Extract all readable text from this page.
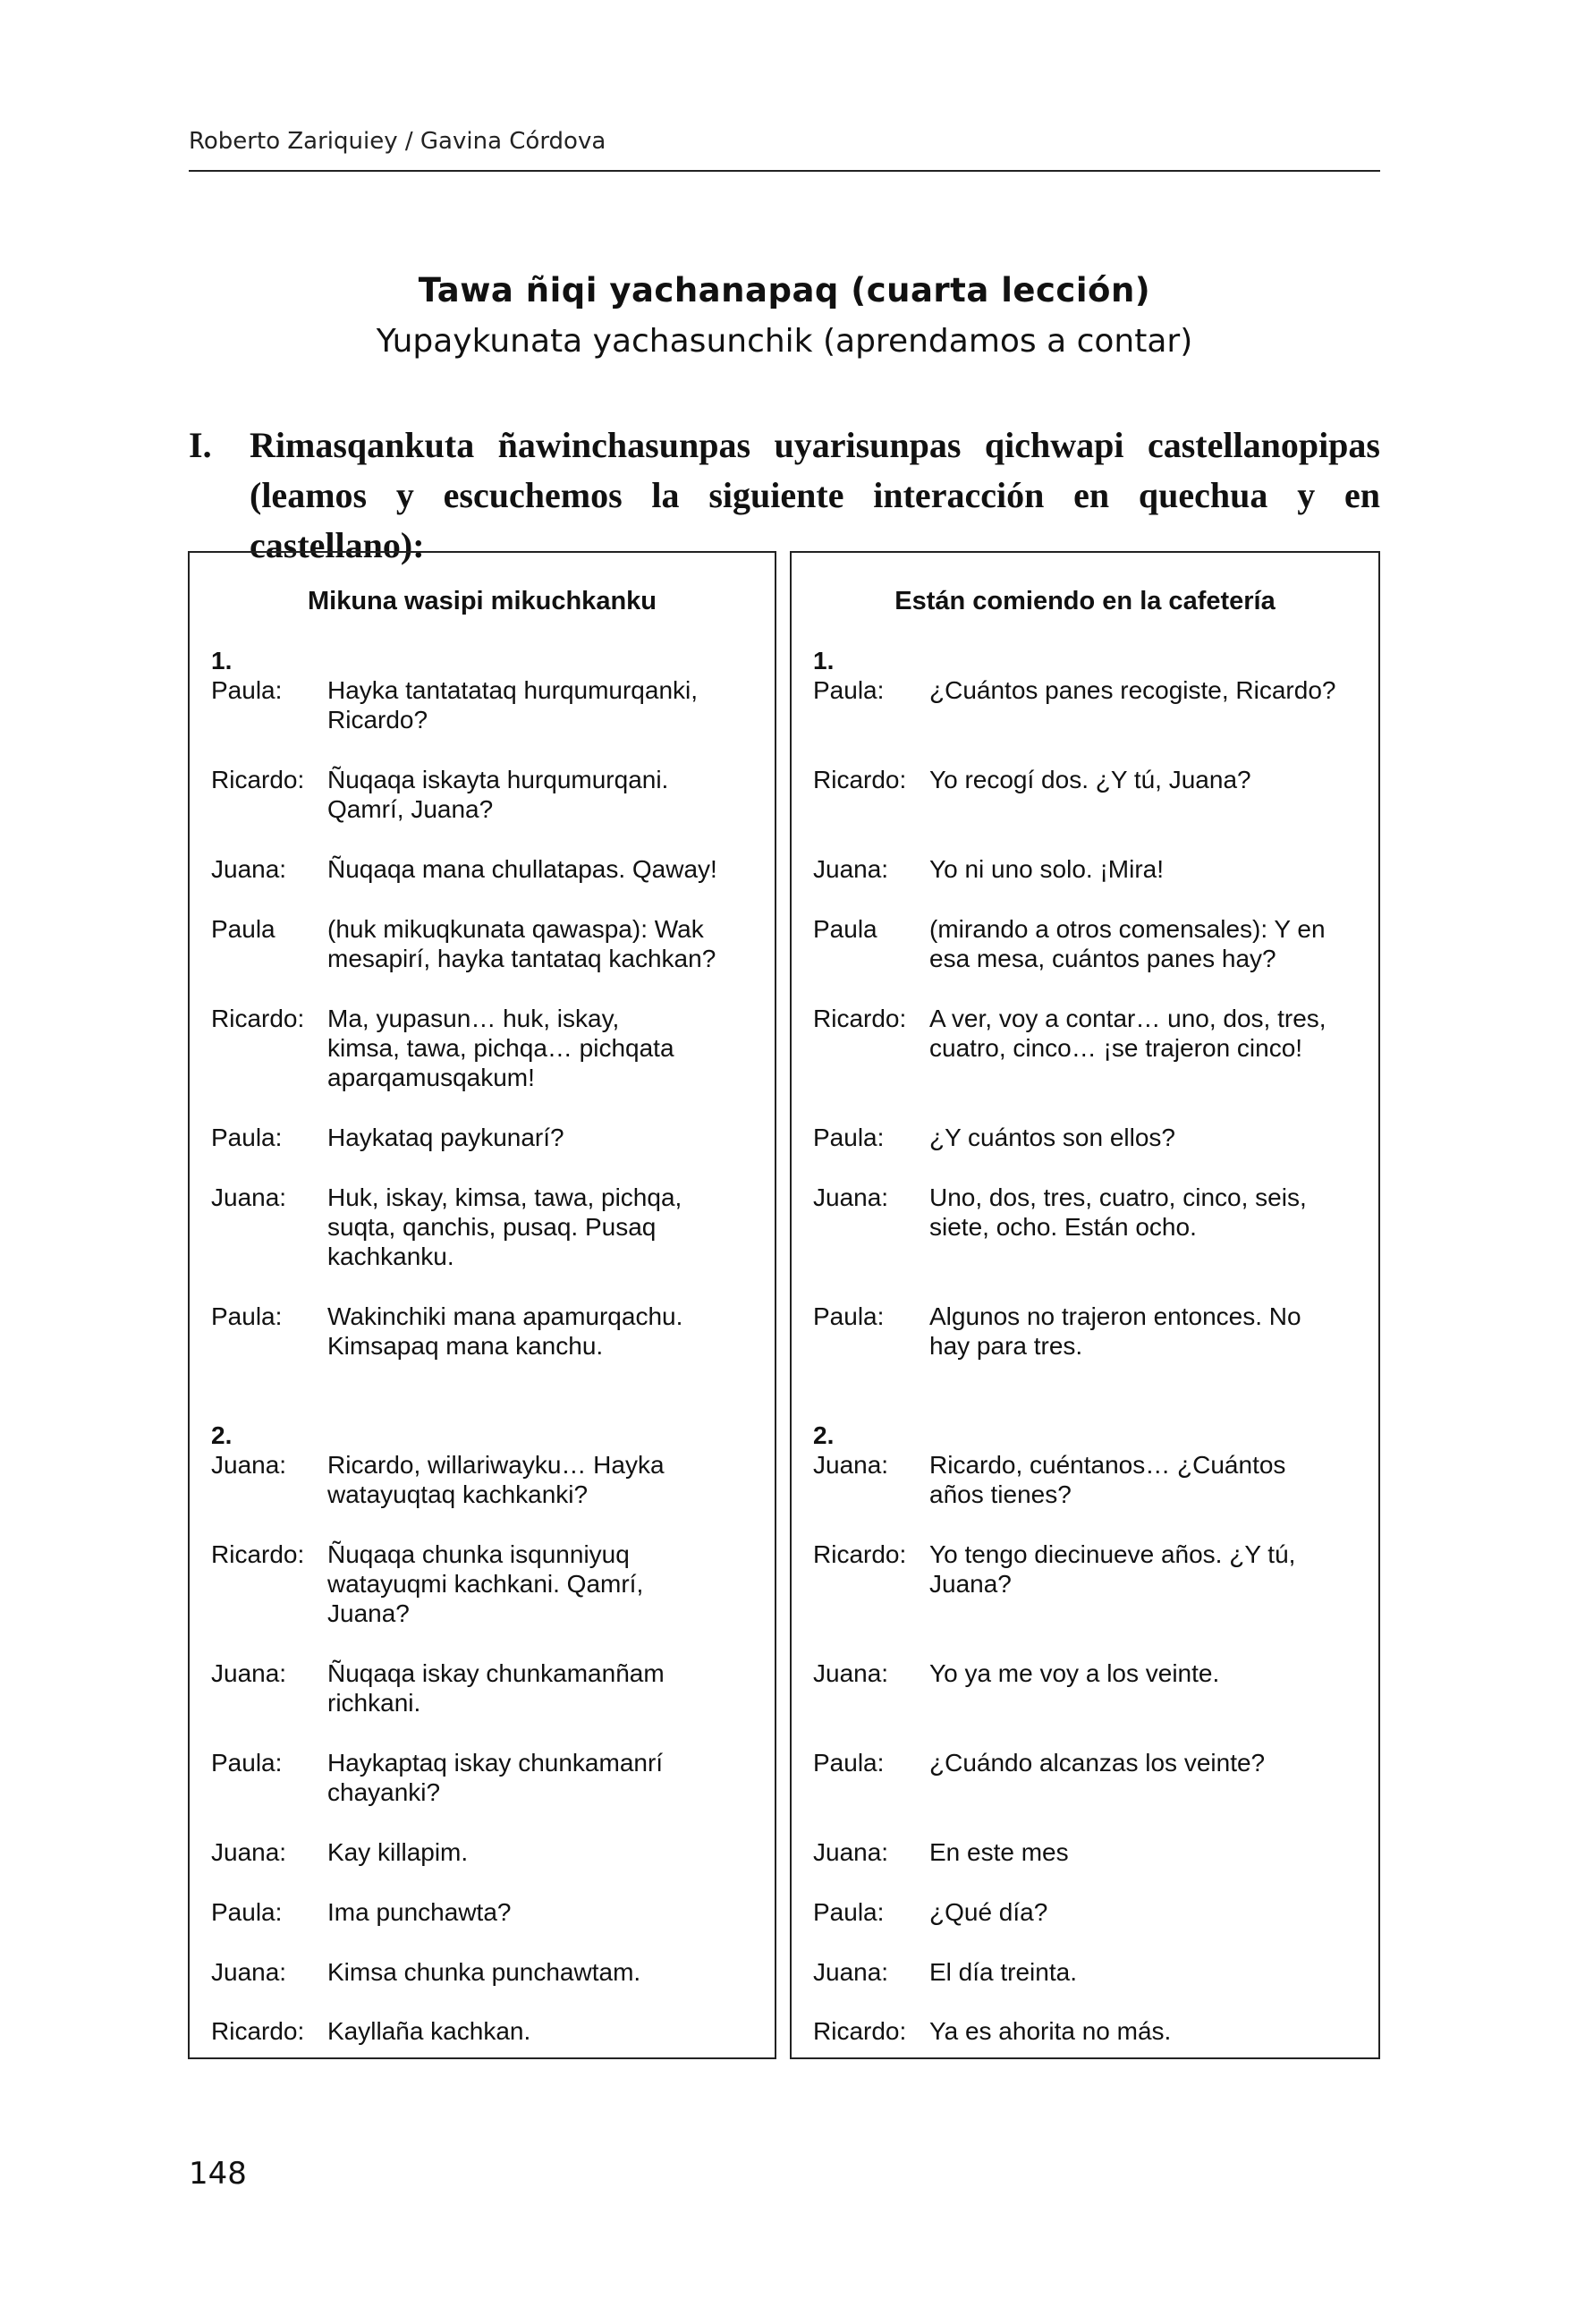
Roberto Zariquiey / Gavina Córdova
Tawa ñiqi yachanapaq (cuarta lección)
Yupaykunata yachasunchik (aprendamos a contar)
I. Rimasqankuta ñawinchasunpas uyarisunpas qichwapi castellanopipas (leamos y escuchemos la siguiente interacción en quechua y en castellano):
Mikuna wasipi mikuchkanku
1.
Paula: Hayka tantatataq hurqumurqanki,
Ricardo?
Ricardo: Ñuqaqa iskayta hurqumurqani.
Qamrí, Juana?
Juana: Ñuqaqa mana chullatapas. Qaway!
Paula (huk mikuqkunata qawaspa): Wak
mesapirí, hayka tantataq kachkan?
Ricardo: Ma, yupasun… huk, iskay,
kimsa, tawa, pichqa… pichqata
aparqamusqakum!
Paula: Haykataq paykunarí?
Juana: Huk, iskay, kimsa, tawa, pichqa,
suqta, qanchis, pusaq. Pusaq
kachkanku.
Paula: Wakinchiki mana apamurqachu.
Kimsapaq mana kanchu.
2.
Juana: Ricardo, willariwayku… Hayka
watayuqtaq kachkanki?
Ricardo: Ñuqaqa chunka isqunniyuq
watayuqmi kachkani. Qamrí,
Juana?
Juana: Ñuqaqa iskay chunkamanñam
richkani.
Paula: Haykaptaq iskay chunkamanrí
chayanki?
Juana: Kay killapim.
Paula: Ima punchawta?
Juana: Kimsa chunka punchawtam.
Ricardo: Kayllaña kachkan.
Están comiendo en la cafetería
1.
Paula: ¿Cuántos panes recogiste, Ricardo?
Ricardo: Yo recogí dos. ¿Y tú, Juana?
Juana: Yo ni uno solo. ¡Mira!
Paula (mirando a otros comensales): Y en
esa mesa, cuántos panes hay?
Ricardo: A ver, voy a contar… uno, dos, tres,
cuatro, cinco… ¡se trajeron cinco!
Paula: ¿Y cuántos son ellos?
Juana: Uno, dos, tres, cuatro, cinco, seis,
siete, ocho. Están ocho.
Paula: Algunos no trajeron entonces. No
hay para tres.
2.
Juana: Ricardo, cuéntanos… ¿Cuántos
años tienes?
Ricardo: Yo tengo diecinueve años. ¿Y tú,
Juana?
Juana: Yo ya me voy a los veinte.
Paula: ¿Cuándo alcanzas los veinte?
Juana: En este mes
Paula: ¿Qué día?
Juana: El día treinta.
Ricardo: Ya es ahorita no más.
148
